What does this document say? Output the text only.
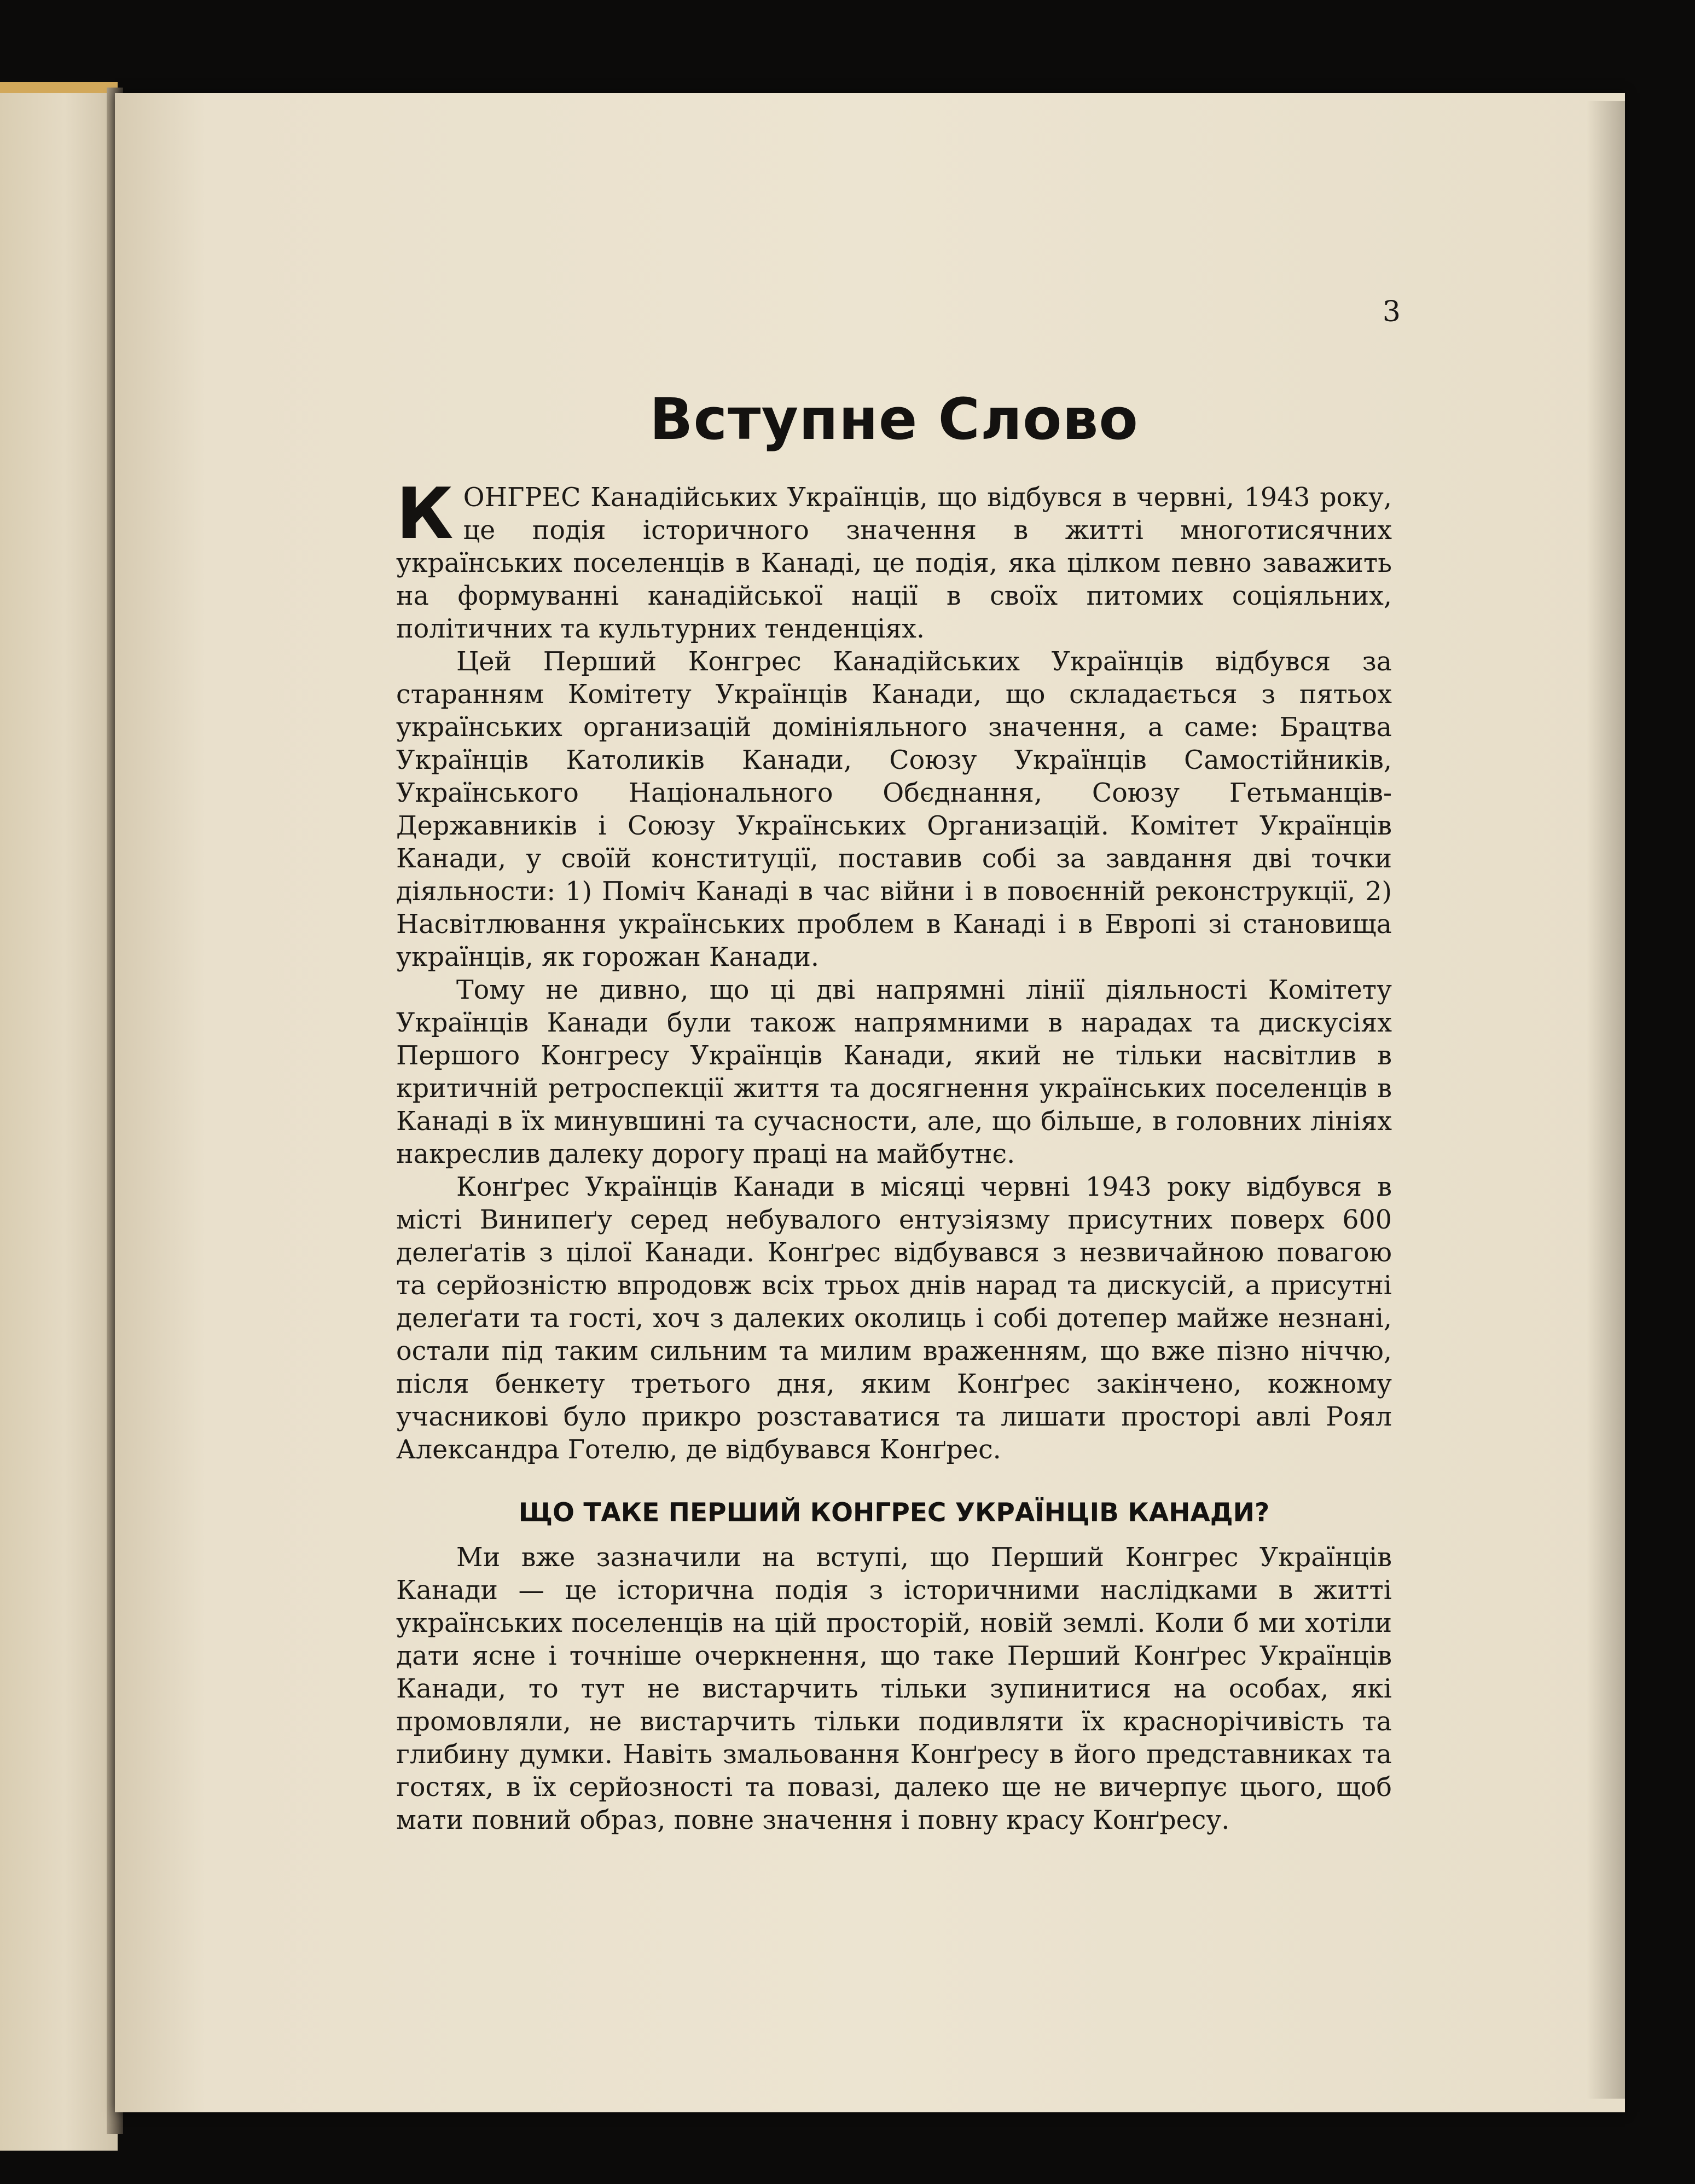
3
Вступне Слово

КОНГРЕС Канадійських Українців, що відбувся в червні, 1943 року, це подія історичного значення в житті многотисячних українських поселенців в Канаді, це подія, яка цілком певно заважить на формуванні канадійської нації в своїх питомих соціяльних, політичних та культурних тенденціях.

Цей Перший Конгрес Канадійських Українців відбувся за стaранням Комітету Українців Канади, що складається з пятьох українських организацій домініяльного значення, а саме: Брацтва Українців Католиків Канади, Союзу Українців Самостійників, Українського Національного Обєднання, Союзу Гетьманців-Державників і Союзу Українських Организацій. Комітет Українців Канади, у своїй конституції, поставив собі за завдання дві точки діяльности: 1) Поміч Канаді в час війни і в повоєнній реконструкції, 2) Насвітлювання українських проблем в Канаді і в Европі зі становища українців, як горожан Канади.

Тому не дивно, що ці дві напрямні лінії діяльності Комітету Українців Канади були також напрямними в нарадах та дискусіях Першого Конгресу Українців Канади, який не тільки насвітлив в критичній ретроспекції життя та досягнення українських поселенців в Канаді в їх минувшині та сучасности, але, що більше, в головних лініях накреслив далеку дорогу праці на майбутнє.

Конґрес Українців Канади в місяці червні 1943 року відбувся в місті Винипеґу серед небувалого ентузіязму присутних поверх 600 делеґатів з цілої Канади. Конґрес відбувався з незвичайною повагою та серйозністю впродовж всіх трьох днів нарад та дискусій, а присутні делеґати та гості, хоч з далеких околиць і собі дотепер майже незнані, остали під таким сильним та милим враженням, що вже пізно ніччю, після бенкету третього дня, яким Конґрес закінчено, кожному учасникові було прикро розставатися та лишати просторі авлі Роял Александра Готелю, де відбувався Конґрес.

ЩО ТАКЕ ПЕРШИЙ КОНГРЕС УКРАЇНЦІВ КАНАДИ?

Ми вже зазначили на вступі, що Перший Конгрес Українців Канади — це історична подія з історичними наслідками в житті українських поселенців на цій просторій, новій землі. Коли б ми хотіли дати ясне і точніше очеркнення, що таке Перший Конґрес Українців Канади, то тут не вистарчить тільки зупинитися на особах, які промовляли, не вистарчить тільки подивляти їх краснорічивість та глибину думки. Навіть змальовання Конґресу в його представниках та гостях, в їх серйозності та повазі, далеко ще не вичерпує цього, щоб мати повний образ, повне значення і повну красу Конґресу.
